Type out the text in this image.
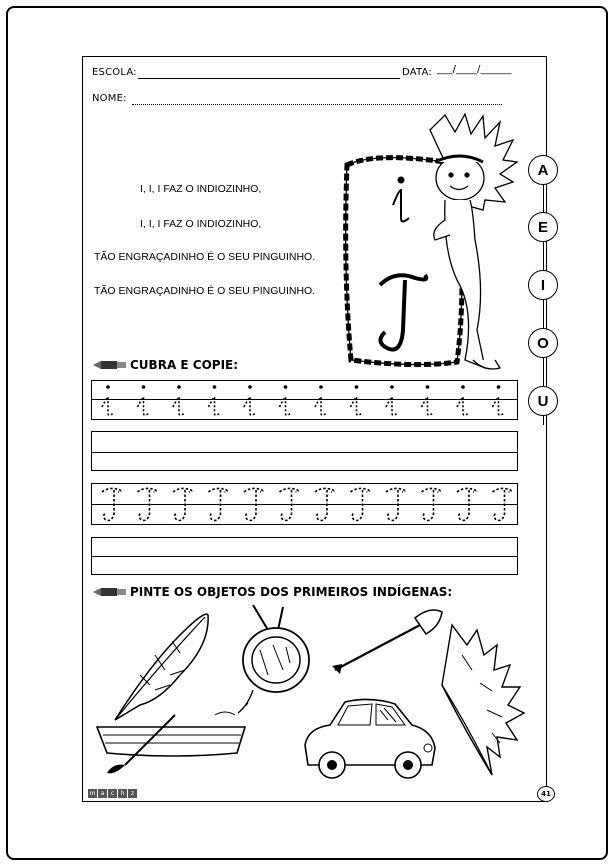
ESCOLA:	DATA: ___/____/______
NOME:
I, I, I FAZ O INDIOZINHO,
I, I, I FAZ O INDIOZINHO,
TÃO ENGRAÇADINHO É O SEU PINGUINHO.
TÃO ENGRAÇADINHO É O SEU PINGUINHO.
A
E
I
O
U
CUBRA E COPIE:
PINTE OS OBJETOS DOS PRIMEIROS INDÍGENAS:
m a	c	h	z	41
